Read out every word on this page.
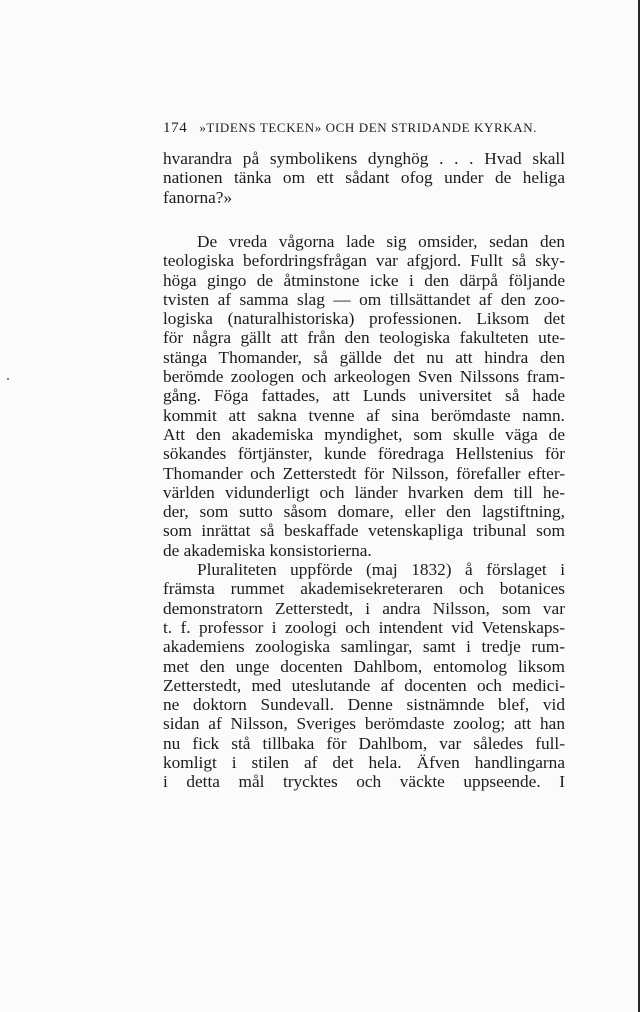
174 »TIDENS TECKEN» OCH DEN STRIDANDE KYRKAN.
hvarandra på symbolikens dynghög . . . Hvad skall
nationen tänka om ett sådant ofog under de heliga
fanorna?»
De vreda vågorna lade sig omsider, sedan den
teologiska befordringsfrågan var afgjord. Fullt så sky-
höga gingo de åtminstone icke i den därpå följande
tvisten af samma slag — om tillsättandet af den zoo-
logiska (naturalhistoriska) professionen. Liksom det
för några gällt att från den teologiska fakulteten ute-
stänga Thomander, så gällde det nu att hindra den
berömde zoologen och arkeologen Sven Nilssons fram-
gång. Föga fattades, att Lunds universitet så hade
kommit att sakna tvenne af sina berömdaste namn.
Att den akademiska myndighet, som skulle väga de
sökandes förtjänster, kunde föredraga Hellstenius för
Thomander och Zetterstedt för Nilsson, förefaller efter-
världen vidunderligt och länder hvarken dem till he-
der, som sutto såsom domare, eller den lagstiftning,
som inrättat så beskaffade vetenskapliga tribunal som
de akademiska konsistorierna.
Pluraliteten uppförde (maj 1832) å förslaget i
främsta rummet akademisekreteraren och botanices
demonstratorn Zetterstedt, i andra Nilsson, som var
t. f. professor i zoologi och intendent vid Vetenskaps-
akademiens zoologiska samlingar, samt i tredje rum-
met den unge docenten Dahlbom, entomolog liksom
Zetterstedt, med uteslutande af docenten och medici-
ne doktorn Sundevall. Denne sistnämnde blef, vid
sidan af Nilsson, Sveriges berömdaste zoolog; att han
nu fick stå tillbaka för Dahlbom, var således full-
komligt i stilen af det hela. Äfven handlingarna
i detta mål trycktes och väckte uppseende. I
